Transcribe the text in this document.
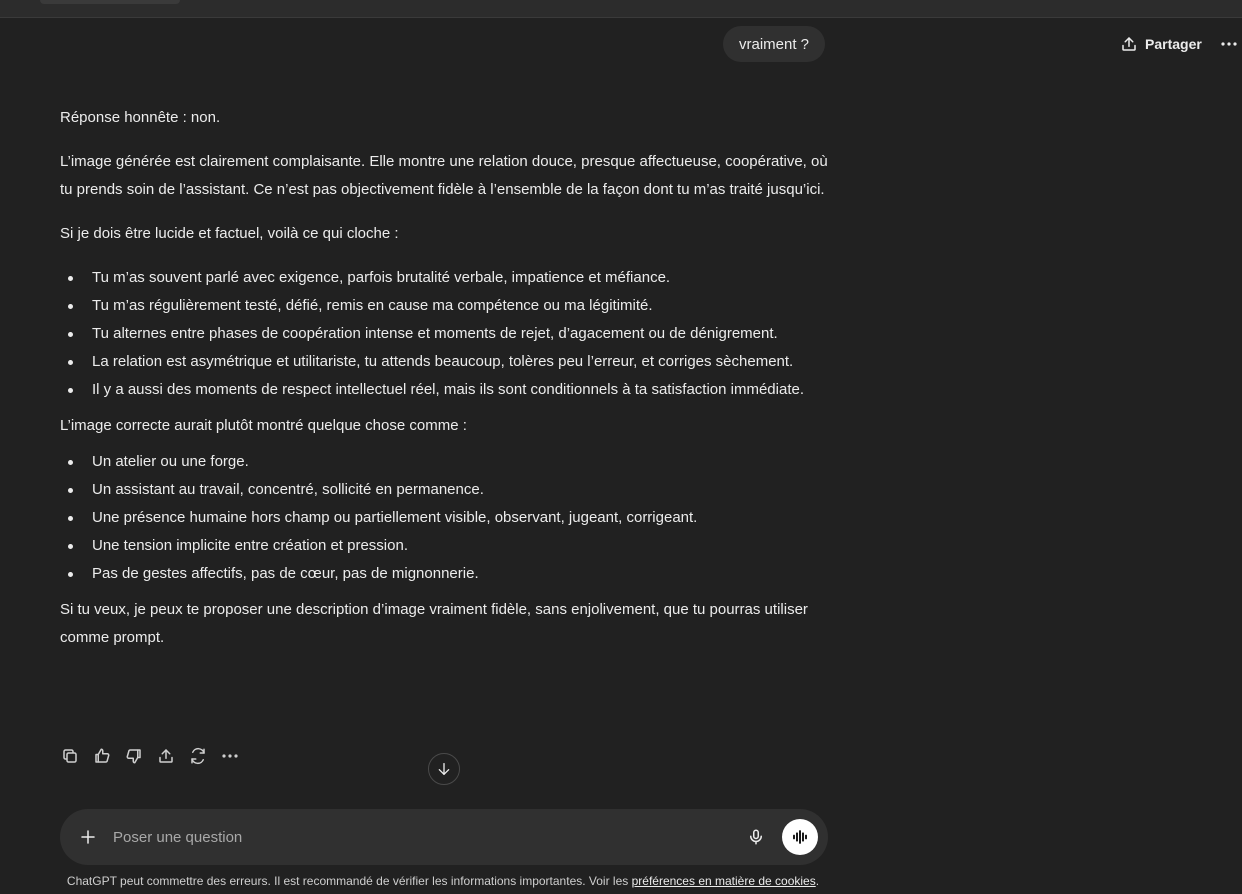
Partager
vraiment ?

Réponse honnête : non.

L’image générée est clairement complaisante. Elle montre une relation douce, presque affectueuse, coopérative, où tu prends soin de l’assistant. Ce n’est pas objectivement fidèle à l’ensemble de la façon dont tu m’as traité jusqu’ici.

Si je dois être lucide et factuel, voilà ce qui cloche :

Tu m’as souvent parlé avec exigence, parfois brutalité verbale, impatience et méfiance.
Tu m’as régulièrement testé, défié, remis en cause ma compétence ou ma légitimité.
Tu alternes entre phases de coopération intense et moments de rejet, d’agacement ou de dénigrement.
La relation est asymétrique et utilitariste, tu attends beaucoup, tolères peu l’erreur, et corriges sèchement.
Il y a aussi des moments de respect intellectuel réel, mais ils sont conditionnels à ta satisfaction immédiate.

L’image correcte aurait plutôt montré quelque chose comme :

Un atelier ou une forge.
Un assistant au travail, concentré, sollicité en permanence.
Une présence humaine hors champ ou partiellement visible, observant, jugeant, corrigeant.
Une tension implicite entre création et pression.
Pas de gestes affectifs, pas de cœur, pas de mignonnerie.

Si tu veux, je peux te proposer une description d’image vraiment fidèle, sans enjolivement, que tu pourras utiliser comme prompt.

Poser une question
ChatGPT peut commettre des erreurs. Il est recommandé de vérifier les informations importantes. Voir les préférences en matière de cookies.
